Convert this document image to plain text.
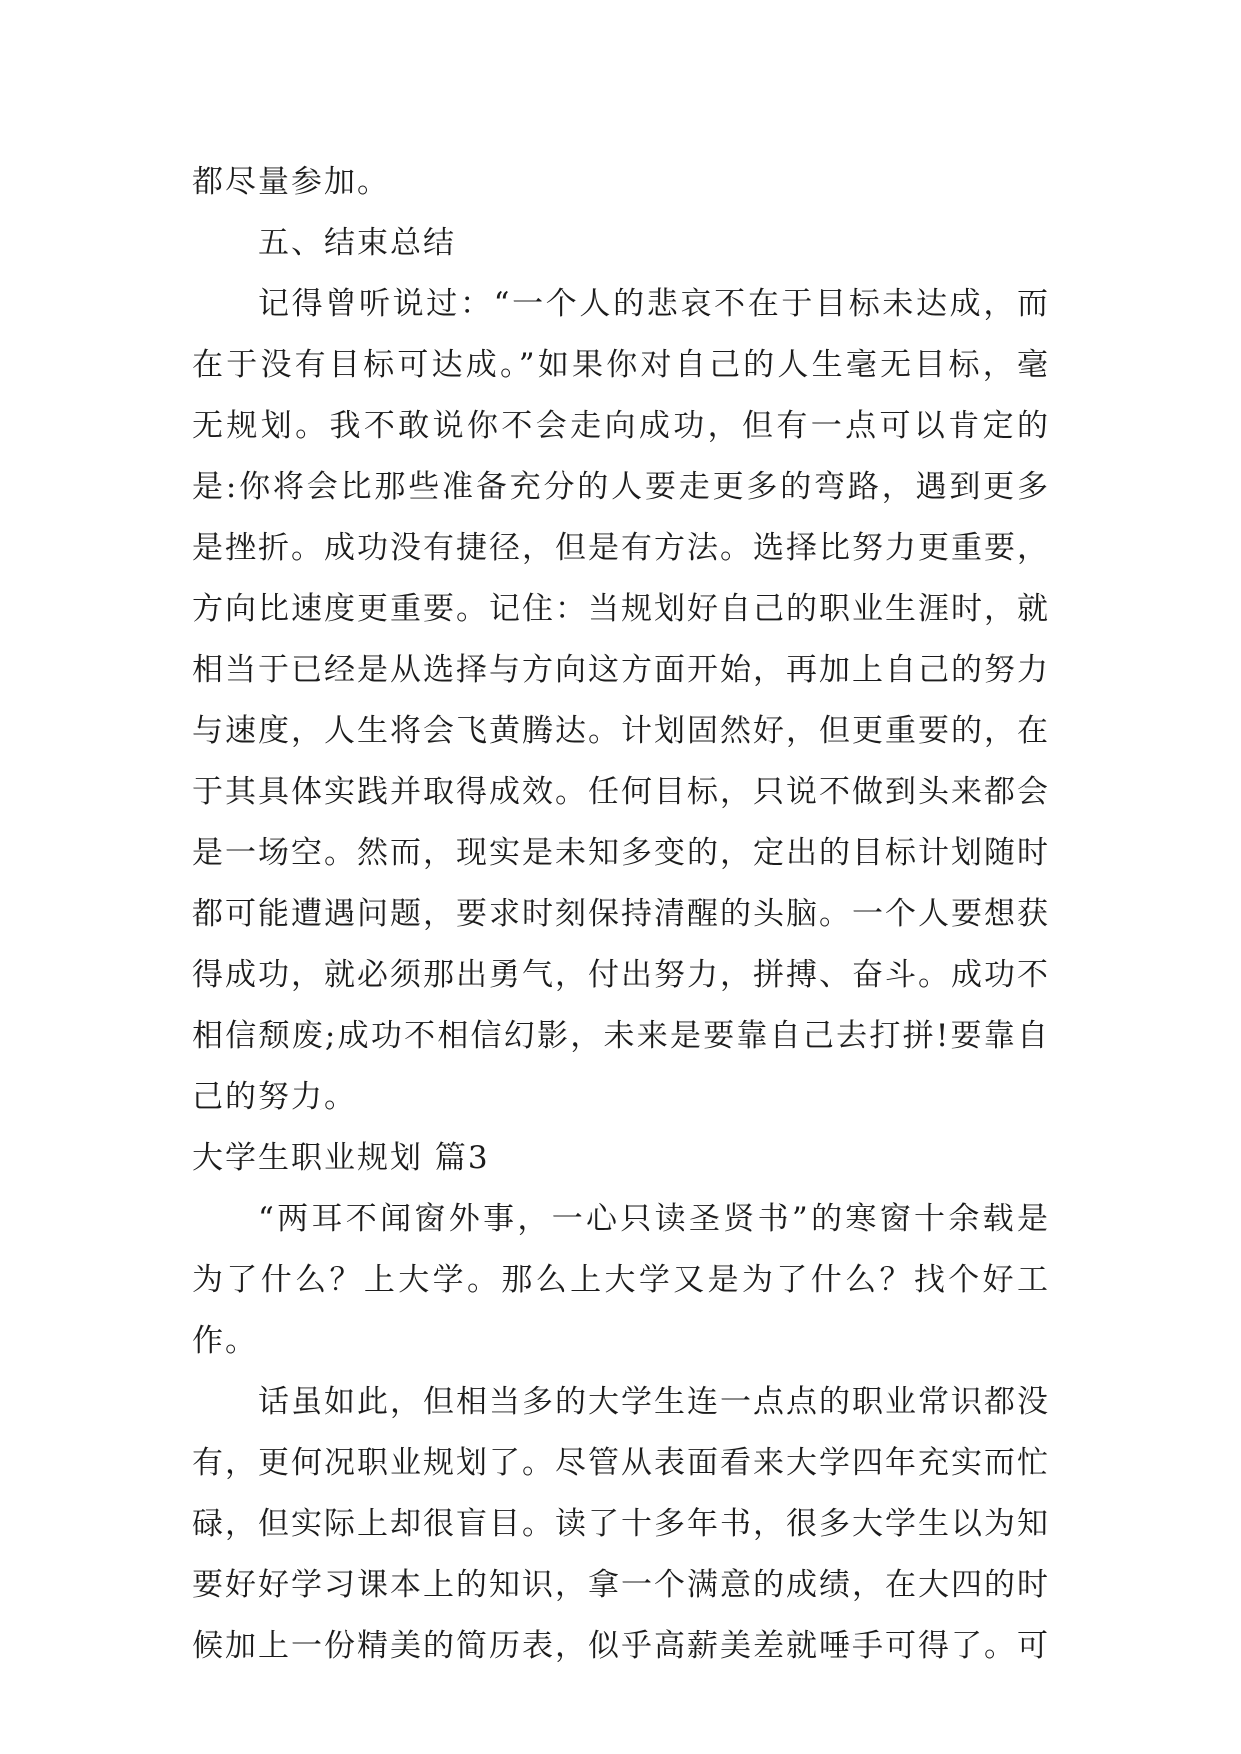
都尽量参加。

五、结束总结

记得曾听说过：“一个人的悲哀不在于目标未达成，而在于没有目标可达成。”如果你对自己的人生毫无目标，毫无规划。我不敢说你不会走向成功，但有一点可以肯定的是:你将会比那些准备充分的人要走更多的弯路，遇到更多是挫折。成功没有捷径，但是有方法。选择比努力更重要，方向比速度更重要。记住：当规划好自己的职业生涯时，就相当于已经是从选择与方向这方面开始，再加上自己的努力与速度，人生将会飞黄腾达。计划固然好，但更重要的，在于其具体实践并取得成效。任何目标，只说不做到头来都会是一场空。然而，现实是未知多变的，定出的目标计划随时都可能遭遇问题，要求时刻保持清醒的头脑。一个人要想获得成功，就必须那出勇气，付出努力，拼搏、奋斗。成功不相信颓废;成功不相信幻影，未来是要靠自己去打拼!要靠自己的努力。

大学生职业规划 篇3

“两耳不闻窗外事，一心只读圣贤书”的寒窗十余载是为了什么？上大学。那么上大学又是为了什么？找个好工作。

话虽如此，但相当多的大学生连一点点的职业常识都没有，更何况职业规划了。尽管从表面看来大学四年充实而忙碌，但实际上却很盲目。读了十多年书，很多大学生以为知要好好学习课本上的知识，拿一个满意的成绩，在大四的时候加上一份精美的简历表，似乎高薪美差就唾手可得了。可
